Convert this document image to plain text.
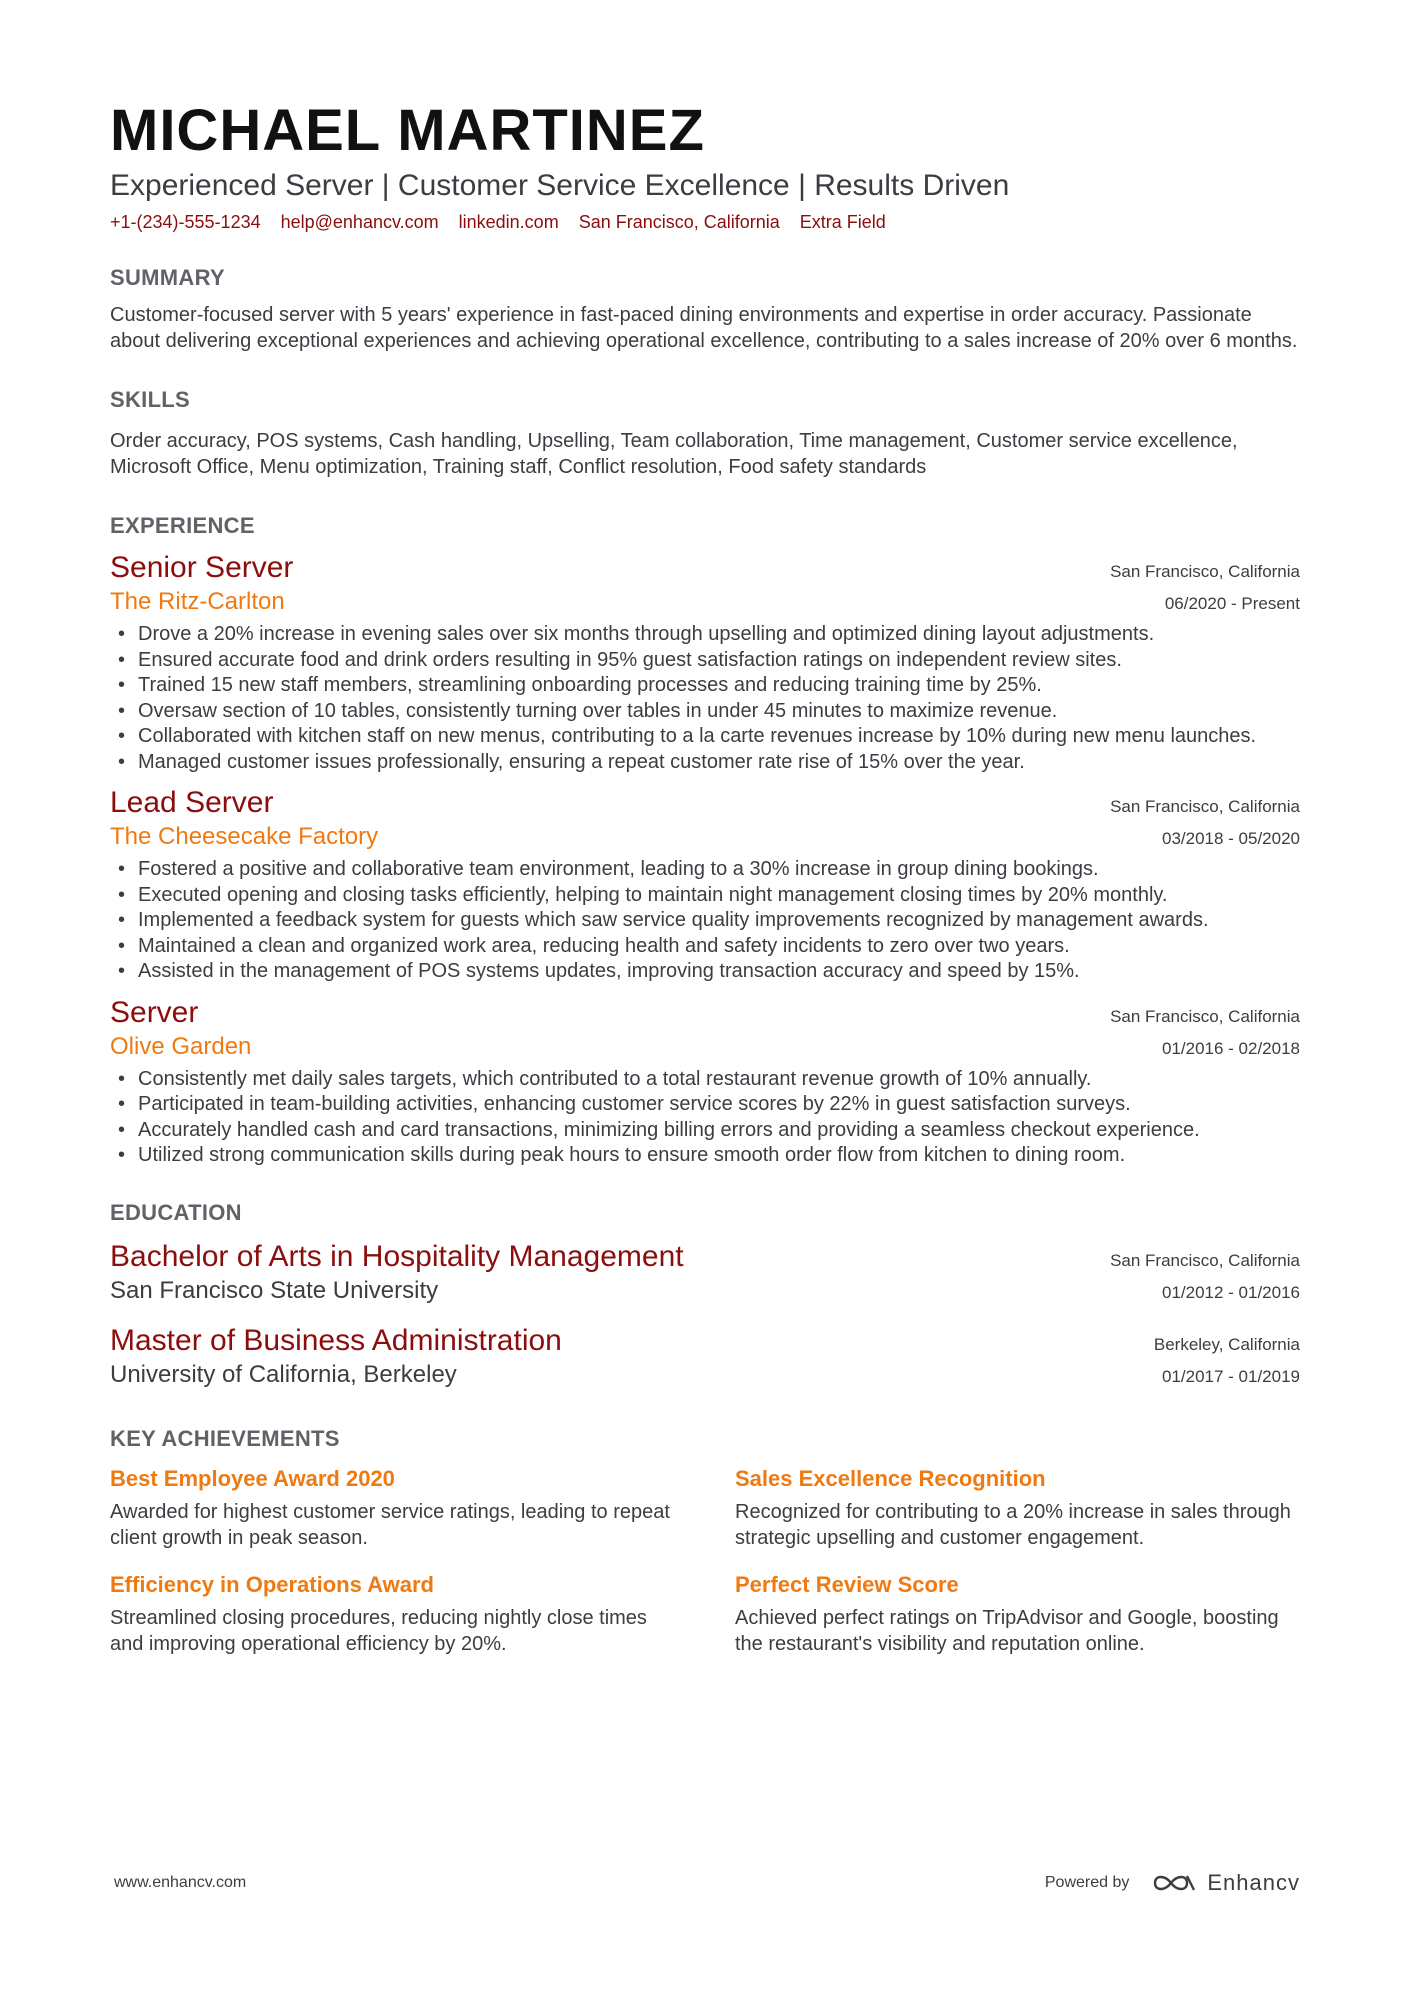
MICHAEL MARTINEZ
Experienced Server | Customer Service Excellence | Results Driven
+1-(234)-555-1234 help@enhancv.com linkedin.com San Francisco, California Extra Field
SUMMARY
Customer-focused server with 5 years' experience in fast-paced dining environments and expertise in order accuracy. Passionate about delivering exceptional experiences and achieving operational excellence, contributing to a sales increase of 20% over 6 months.
SKILLS
Order accuracy, POS systems, Cash handling, Upselling, Team collaboration, Time management, Customer service excellence, Microsoft Office, Menu optimization, Training staff, Conflict resolution, Food safety standards
EXPERIENCE
Senior Server	San Francisco, California
The Ritz-Carlton	06/2020 - Present
• Drove a 20% increase in evening sales over six months through upselling and optimized dining layout adjustments.
• Ensured accurate food and drink orders resulting in 95% guest satisfaction ratings on independent review sites.
• Trained 15 new staff members, streamlining onboarding processes and reducing training time by 25%.
• Oversaw section of 10 tables, consistently turning over tables in under 45 minutes to maximize revenue.
• Collaborated with kitchen staff on new menus, contributing to a la carte revenues increase by 10% during new menu launches.
• Managed customer issues professionally, ensuring a repeat customer rate rise of 15% over the year.
Lead Server	San Francisco, California
The Cheesecake Factory	03/2018 - 05/2020
• Fostered a positive and collaborative team environment, leading to a 30% increase in group dining bookings.
• Executed opening and closing tasks efficiently, helping to maintain night management closing times by 20% monthly.
• Implemented a feedback system for guests which saw service quality improvements recognized by management awards.
• Maintained a clean and organized work area, reducing health and safety incidents to zero over two years.
• Assisted in the management of POS systems updates, improving transaction accuracy and speed by 15%.
Server	San Francisco, California
Olive Garden	01/2016 - 02/2018
• Consistently met daily sales targets, which contributed to a total restaurant revenue growth of 10% annually.
• Participated in team-building activities, enhancing customer service scores by 22% in guest satisfaction surveys.
• Accurately handled cash and card transactions, minimizing billing errors and providing a seamless checkout experience.
• Utilized strong communication skills during peak hours to ensure smooth order flow from kitchen to dining room.
EDUCATION
Bachelor of Arts in Hospitality Management	San Francisco, California
San Francisco State University	01/2012 - 01/2016
Master of Business Administration	Berkeley, California
University of California, Berkeley	01/2017 - 01/2019
KEY ACHIEVEMENTS
Best Employee Award 2020
Awarded for highest customer service ratings, leading to repeat client growth in peak season.
Sales Excellence Recognition
Recognized for contributing to a 20% increase in sales through strategic upselling and customer engagement.
Efficiency in Operations Award
Streamlined closing procedures, reducing nightly close times and improving operational efficiency by 20%.
Perfect Review Score
Achieved perfect ratings on TripAdvisor and Google, boosting the restaurant's visibility and reputation online.
www.enhancv.com	Powered by	Enhancv
